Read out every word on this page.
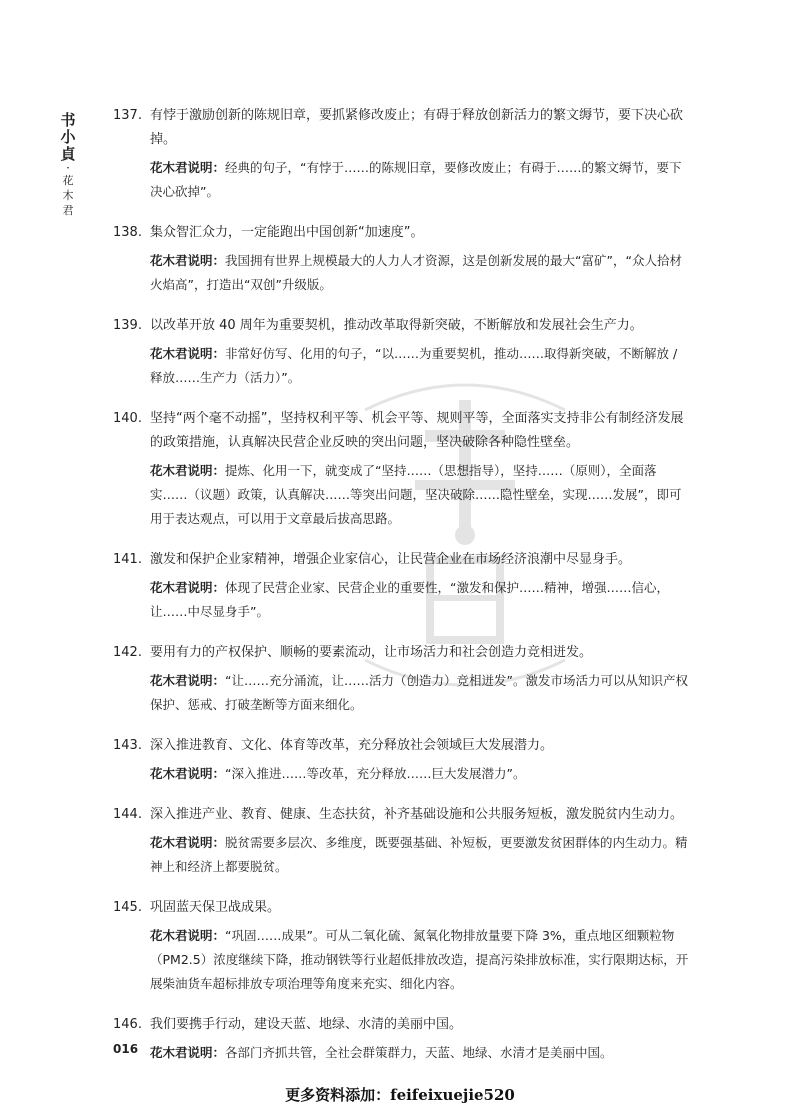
书
小
貞
·
花
木
君
137. 有悖于激励创新的陈规旧章，要抓紧修改废止；有碍于释放创新活力的繁文缛节，要下决心砍掉。
花木君说明：经典的句子，“有悖于……的陈规旧章，要修改废止；有碍于……的繁文缛节，要下决心砍掉”。
138. 集众智汇众力，一定能跑出中国创新“加速度”。
花木君说明：我国拥有世界上规模最大的人力人才资源，这是创新发展的最大“富矿”，“众人拾材火焰高”，打造出“双创”升级版。
139. 以改革开放 40 周年为重要契机，推动改革取得新突破，不断解放和发展社会生产力。
花木君说明：非常好仿写、化用的句子，“以……为重要契机，推动……取得新突破，不断解放 / 释放……生产力（活力）”。
140. 坚持“两个毫不动摇”，坚持权利平等、机会平等、规则平等，全面落实支持非公有制经济发展的政策措施，认真解决民营企业反映的突出问题，坚决破除各种隐性壁垒。
花木君说明：提炼、化用一下，就变成了“坚持……（思想指导），坚持……（原则），全面落实……（议题）政策，认真解决……等突出问题，坚决破除……隐性壁垒，实现……发展”，即可用于表达观点，可以用于文章最后拔高思路。
141. 激发和保护企业家精神，增强企业家信心，让民营企业在市场经济浪潮中尽显身手。
花木君说明：体现了民营企业家、民营企业的重要性，“激发和保护……精神，增强……信心，让……中尽显身手”。
142. 要用有力的产权保护、顺畅的要素流动，让市场活力和社会创造力竞相迸发。
花木君说明：“让……充分涌流，让……活力（创造力）竞相迸发”。激发市场活力可以从知识产权保护、惩戒、打破垄断等方面来细化。
143. 深入推进教育、文化、体育等改革，充分释放社会领域巨大发展潜力。
花木君说明：“深入推进……等改革，充分释放……巨大发展潜力”。
144. 深入推进产业、教育、健康、生态扶贫，补齐基础设施和公共服务短板，激发脱贫内生动力。
花木君说明：脱贫需要多层次、多维度，既要强基础、补短板，更要激发贫困群体的内生动力。精神上和经济上都要脱贫。
145. 巩固蓝天保卫战成果。
花木君说明：“巩固……成果”。可从二氧化硫、氮氧化物排放量要下降 3%，重点地区细颗粒物（PM2.5）浓度继续下降，推动钢铁等行业超低排放改造，提高污染排放标准，实行限期达标，开展柴油货车超标排放专项治理等角度来充实、细化内容。
146. 我们要携手行动，建设天蓝、地绿、水清的美丽中国。
花木君说明：各部门齐抓共管，全社会群策群力，天蓝、地绿、水清才是美丽中国。
016
更多资料添加：feifeixuejie520
